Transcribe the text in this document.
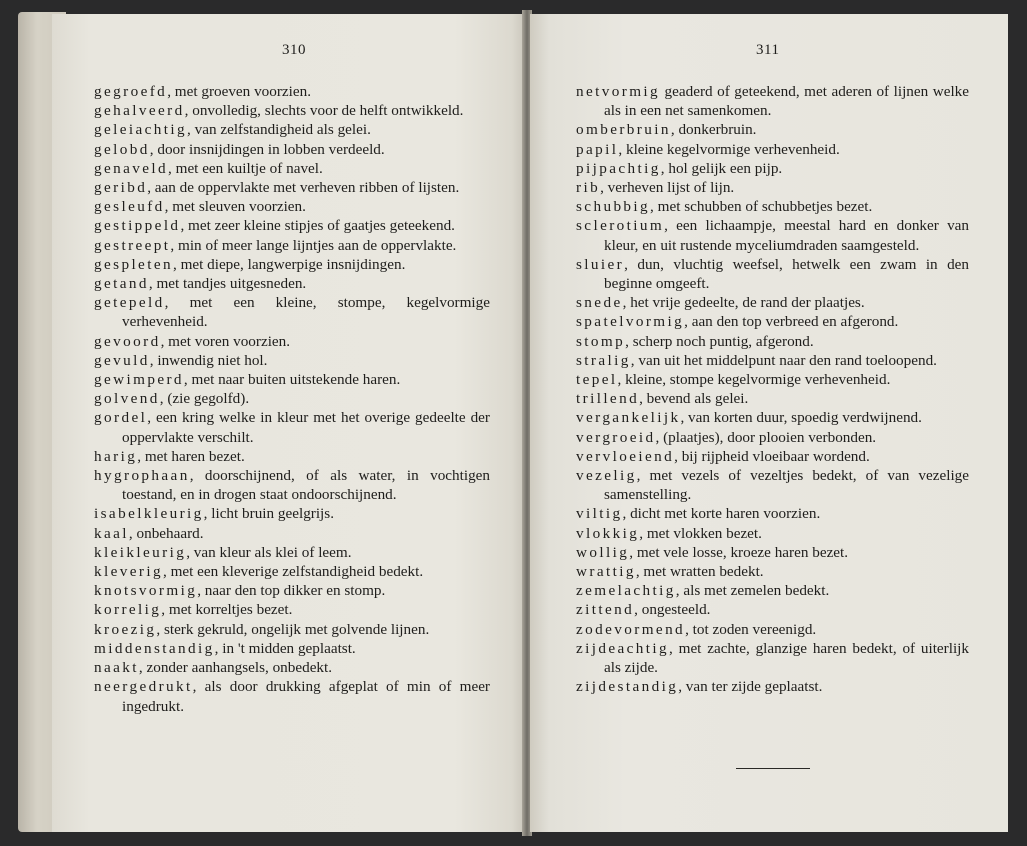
310
gegroefd, met groeven voorzien.
gehalveerd, onvolledig, slechts voor de helft ontwikkeld.
geleiachtig, van zelfstandigheid als gelei.
gelobd, door insnijdingen in lobben verdeeld.
genaveld, met een kuiltje of navel.
geribd, aan de oppervlakte met verheven ribben of lijsten.
gesleufd, met sleuven voorzien.
gestippeld, met zeer kleine stipjes of gaatjes geteekend.
gestreept, min of meer lange lijntjes aan de oppervlakte.
gespleten, met diepe, langwerpige insnijdingen.
getand, met tandjes uitgesneden.
getepeld, met een kleine, stompe, kegelvormige verhevenheid.
gevoord, met voren voorzien.
gevuld, inwendig niet hol.
gewimperd, met naar buiten uitstekende haren.
golvend, (zie gegolfd).
gordel, een kring welke in kleur met het overige gedeelte der oppervlakte verschilt.
harig, met haren bezet.
hygrophaan, doorschijnend, of als water, in vochtigen toestand, en in drogen staat ondoorschijnend.
isabelkleurig, licht bruin geelgrijs.
kaal, onbehaard.
kleikleurig, van kleur als klei of leem.
kleverig, met een kleverige zelfstandigheid bedekt.
knotsvormig, naar den top dikker en stomp.
korrelig, met korreltjes bezet.
kroezig, sterk gekruld, ongelijk met golvende lijnen.
middenstandig, in 't midden geplaatst.
naakt, zonder aanhangsels, onbedekt.
neergedrukt, als door drukking afgeplat of min of meer ingedrukt.
311
netvormig geaderd of geteekend, met aderen of lijnen welke als in een net samenkomen.
omberbruin, donkerbruin.
papil, kleine kegelvormige verhevenheid.
pijpachtig, hol gelijk een pijp.
rib, verheven lijst of lijn.
schubbig, met schubben of schubbetjes bezet.
sclerotium, een lichaampje, meestal hard en donker van kleur, en uit rustende myceliumdraden saamgesteld.
sluier, dun, vluchtig weefsel, hetwelk een zwam in den beginne omgeeft.
snede, het vrije gedeelte, de rand der plaatjes.
spatelvormig, aan den top verbreed en afgerond.
stomp, scherp noch puntig, afgerond.
stralig, van uit het middelpunt naar den rand toeloopend.
tepel, kleine, stompe kegelvormige verhevenheid.
trillend, bevend als gelei.
vergankelijk, van korten duur, spoedig verdwijnend.
vergroeid, (plaatjes), door plooien verbonden.
vervloeiend, bij rijpheid vloeibaar wordend.
vezelig, met vezels of vezeltjes bedekt, of van vezelige samenstelling.
viltig, dicht met korte haren voorzien.
vlokkig, met vlokken bezet.
wollig, met vele losse, kroeze haren bezet.
wrattig, met wratten bedekt.
zemelachtig, als met zemelen bedekt.
zittend, ongesteeld.
zodevormend, tot zoden vereenigd.
zijdeachtig, met zachte, glanzige haren bedekt, of uiterlijk als zijde.
zijdestandig, van ter zijde geplaatst.
